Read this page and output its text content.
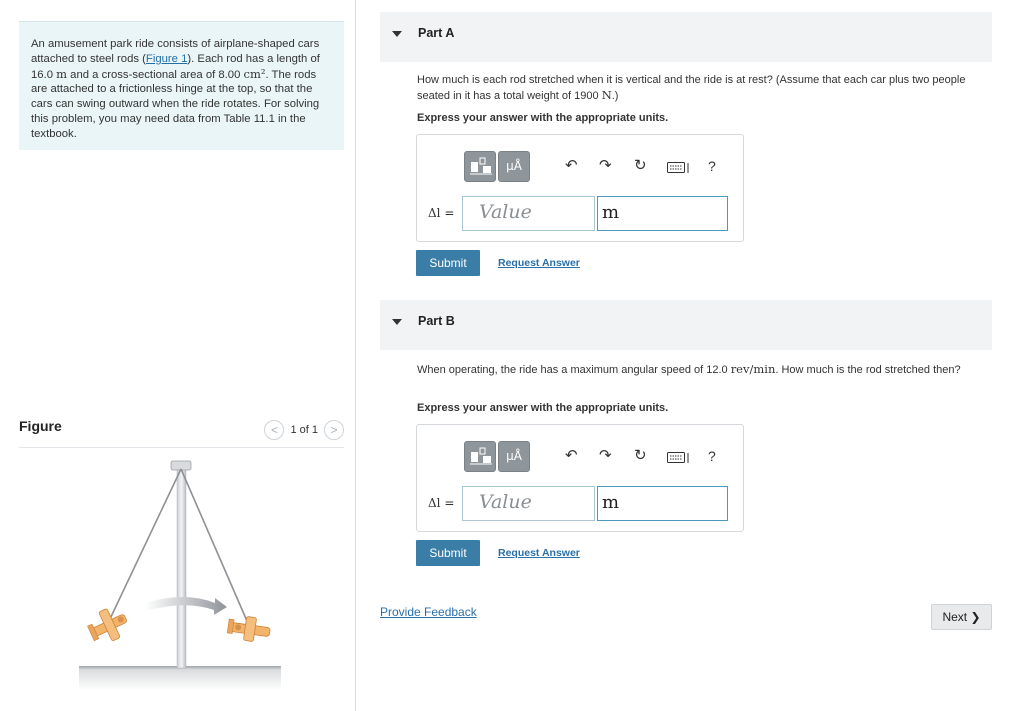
An amusement park ride consists of airplane-shaped cars attached to steel rods (Figure 1). Each rod has a length of 16.0 m and a cross-sectional area of 8.00 cm². The rods are attached to a frictionless hinge at the top, so that the cars can swing outward when the ride rotates. For solving this problem, you may need data from Table 11.1 in the textbook.
Figure	<	1 of 1	>
Part A
How much is each rod stretched when it is vertical and the ride is at rest? (Assume that each car plus two people seated in it has a total weight of 1900 N.)
Express your answer with the appropriate units.
μÅ	↶ ↷ ↻	?
Δl =	Value	m
Submit	Request Answer
Part B
When operating, the ride has a maximum angular speed of 12.0 rev/min. How much is the rod stretched then?
Express your answer with the appropriate units.
μÅ	↶ ↷ ↻	?
Δl =	Value	m
Submit	Request Answer
Provide Feedback	Next ❯
